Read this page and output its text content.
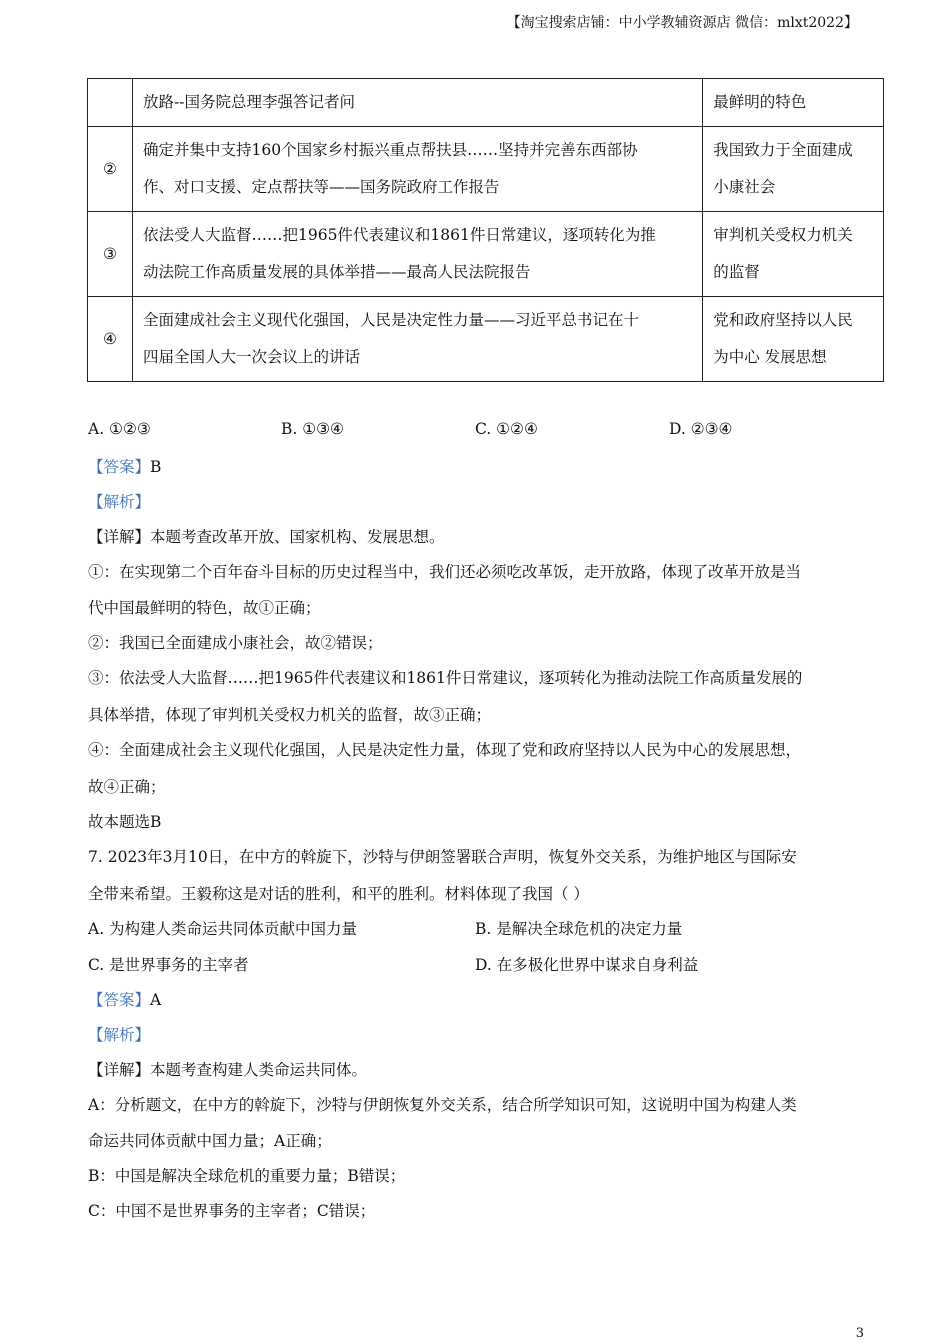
【淘宝搜索店铺：中小学教辅资源店 微信：mlxt2022】
	放路--国务院总理李强答记者问	最鲜明的特色
②	确定并集中支持160个国家乡村振兴重点帮扶县……坚持并完善东西部协
作、对口支援、定点帮扶等——国务院政府工作报告	我国致力于全面建成
小康社会
③	依法受人大监督……把1965件代表建议和1861件日常建议，逐项转化为推
动法院工作高质量发展的具体举措——最高人民法院报告	审判机关受权力机关
的监督
④	全面建成社会主义现代化强国，人民是决定性力量——习近平总书记在十
四届全国人大一次会议上的讲话	党和政府坚持以人民
为中心 发展思想
A. ①②③	B. ①③④	C. ①②④	D. ②③④
【答案】B
【解析】
【详解】本题考查改革开放、国家机构、发展思想。
①：在实现第二个百年奋斗目标的历史过程当中，我们还必须吃改革饭，走开放路，体现了改革开放是当
代中国最鲜明的特色，故①正确；
②：我国已全面建成小康社会，故②错误；
③：依法受人大监督……把1965件代表建议和1861件日常建议，逐项转化为推动法院工作高质量发展的
具体举措，体现了审判机关受权力机关的监督，故③正确；
④：全面建成社会主义现代化强国，人民是决定性力量，体现了党和政府坚持以人民为中心的发展思想，
故④正确；
故本题选B
7. 2023年3月10日，在中方的斡旋下，沙特与伊朗签署联合声明，恢复外交关系，为维护地区与国际安
全带来希望。王毅称这是对话的胜利，和平的胜利。材料体现了我国（ ）
A. 为构建人类命运共同体贡献中国力量	B. 是解决全球危机的决定力量
C. 是世界事务的主宰者	D. 在多极化世界中谋求自身利益
【答案】A
【解析】
【详解】本题考查构建人类命运共同体。
A：分析题文，在中方的斡旋下，沙特与伊朗恢复外交关系，结合所学知识可知，这说明中国为构建人类
命运共同体贡献中国力量；A正确；
B：中国是解决全球危机的重要力量；B错误；
C：中国不是世界事务的主宰者；C错误；
3
